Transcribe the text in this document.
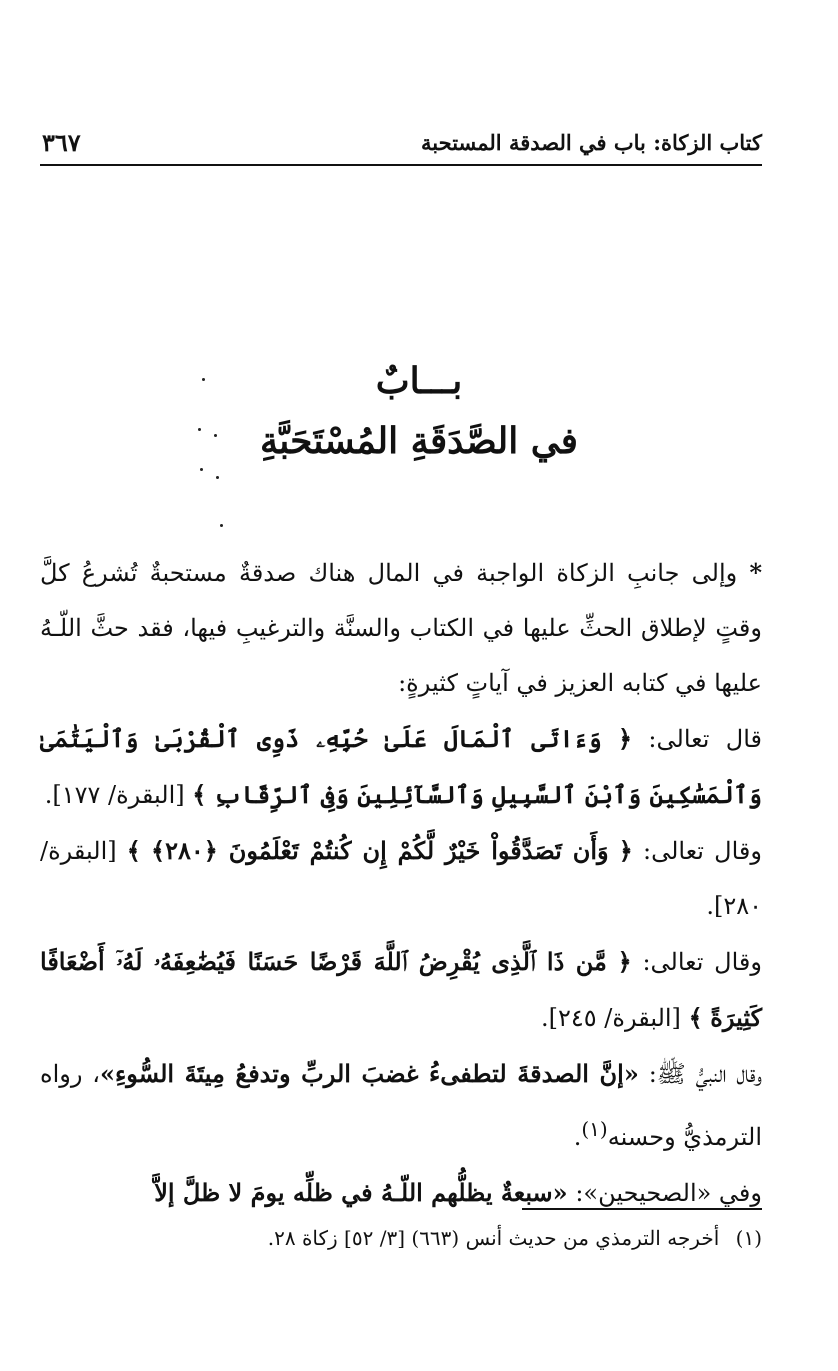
كتاب الزكاة: باب في الصدقة المستحبة
٣٦٧
بـــابٌ
في الصَّدَقَةِ المُسْتَحَبَّةِ

* وإلى جانبِ الزكاة الواجبة في المال هناك صدقةٌ مستحبةٌ تُشرعُ كلَّ وقتٍ لإطلاق الحثِّ عليها في الكتاب والسنَّة والترغيبِ فيها، فقد حثَّ اللّـهُ عليها في كتابه العزيز في آياتٍ كثيرةٍ:

قال تعالى: ﴿ وَءَاتَى ٱلْمَالَ عَلَىٰ حُبِّهِۦ ذَوِى ٱلْقُرْبَىٰ وَٱلْيَتَٰمَىٰ وَٱلْمَسَٰكِينَ وَٱبْنَ ٱلسَّبِيلِ وَٱلسَّآئِلِينَ وَفِى ٱلرِّقَابِ ﴾ [البقرة/ ١٧٧].

وقال تعالى: ﴿ وَأَن تَصَدَّقُواْ خَيْرٌ لَّكُمْ إِن كُنتُمْ تَعْلَمُونَ ﴿٢٨٠﴾ ﴾ [البقرة/ ٢٨٠].

وقال تعالى: ﴿ مَّن ذَا ٱلَّذِى يُقْرِضُ ٱللَّهَ قَرْضًا حَسَنًا فَيُضَٰعِفَهُۥ لَهُۥٓ أَضْعَافًا كَثِيرَةً ﴾ [البقرة/ ٢٤٥].

وقال النبيُّ ﷺ: «إنَّ الصدقةَ لتطفىءُ غضبَ الربِّ وتدفعُ مِيتَةَ السُّوءِ»، رواه الترمذيُّ وحسنه$^{(١)}$.

وفي «الصحيحين»: «سبعةٌ يظلُّهم اللّـهُ في ظلِّه يومَ لا ظلَّ إلاَّ

(١) أخرجه الترمذي من حديث أنس (٦٦٣) [٣/ ٥٢] زكاة ٢٨.
